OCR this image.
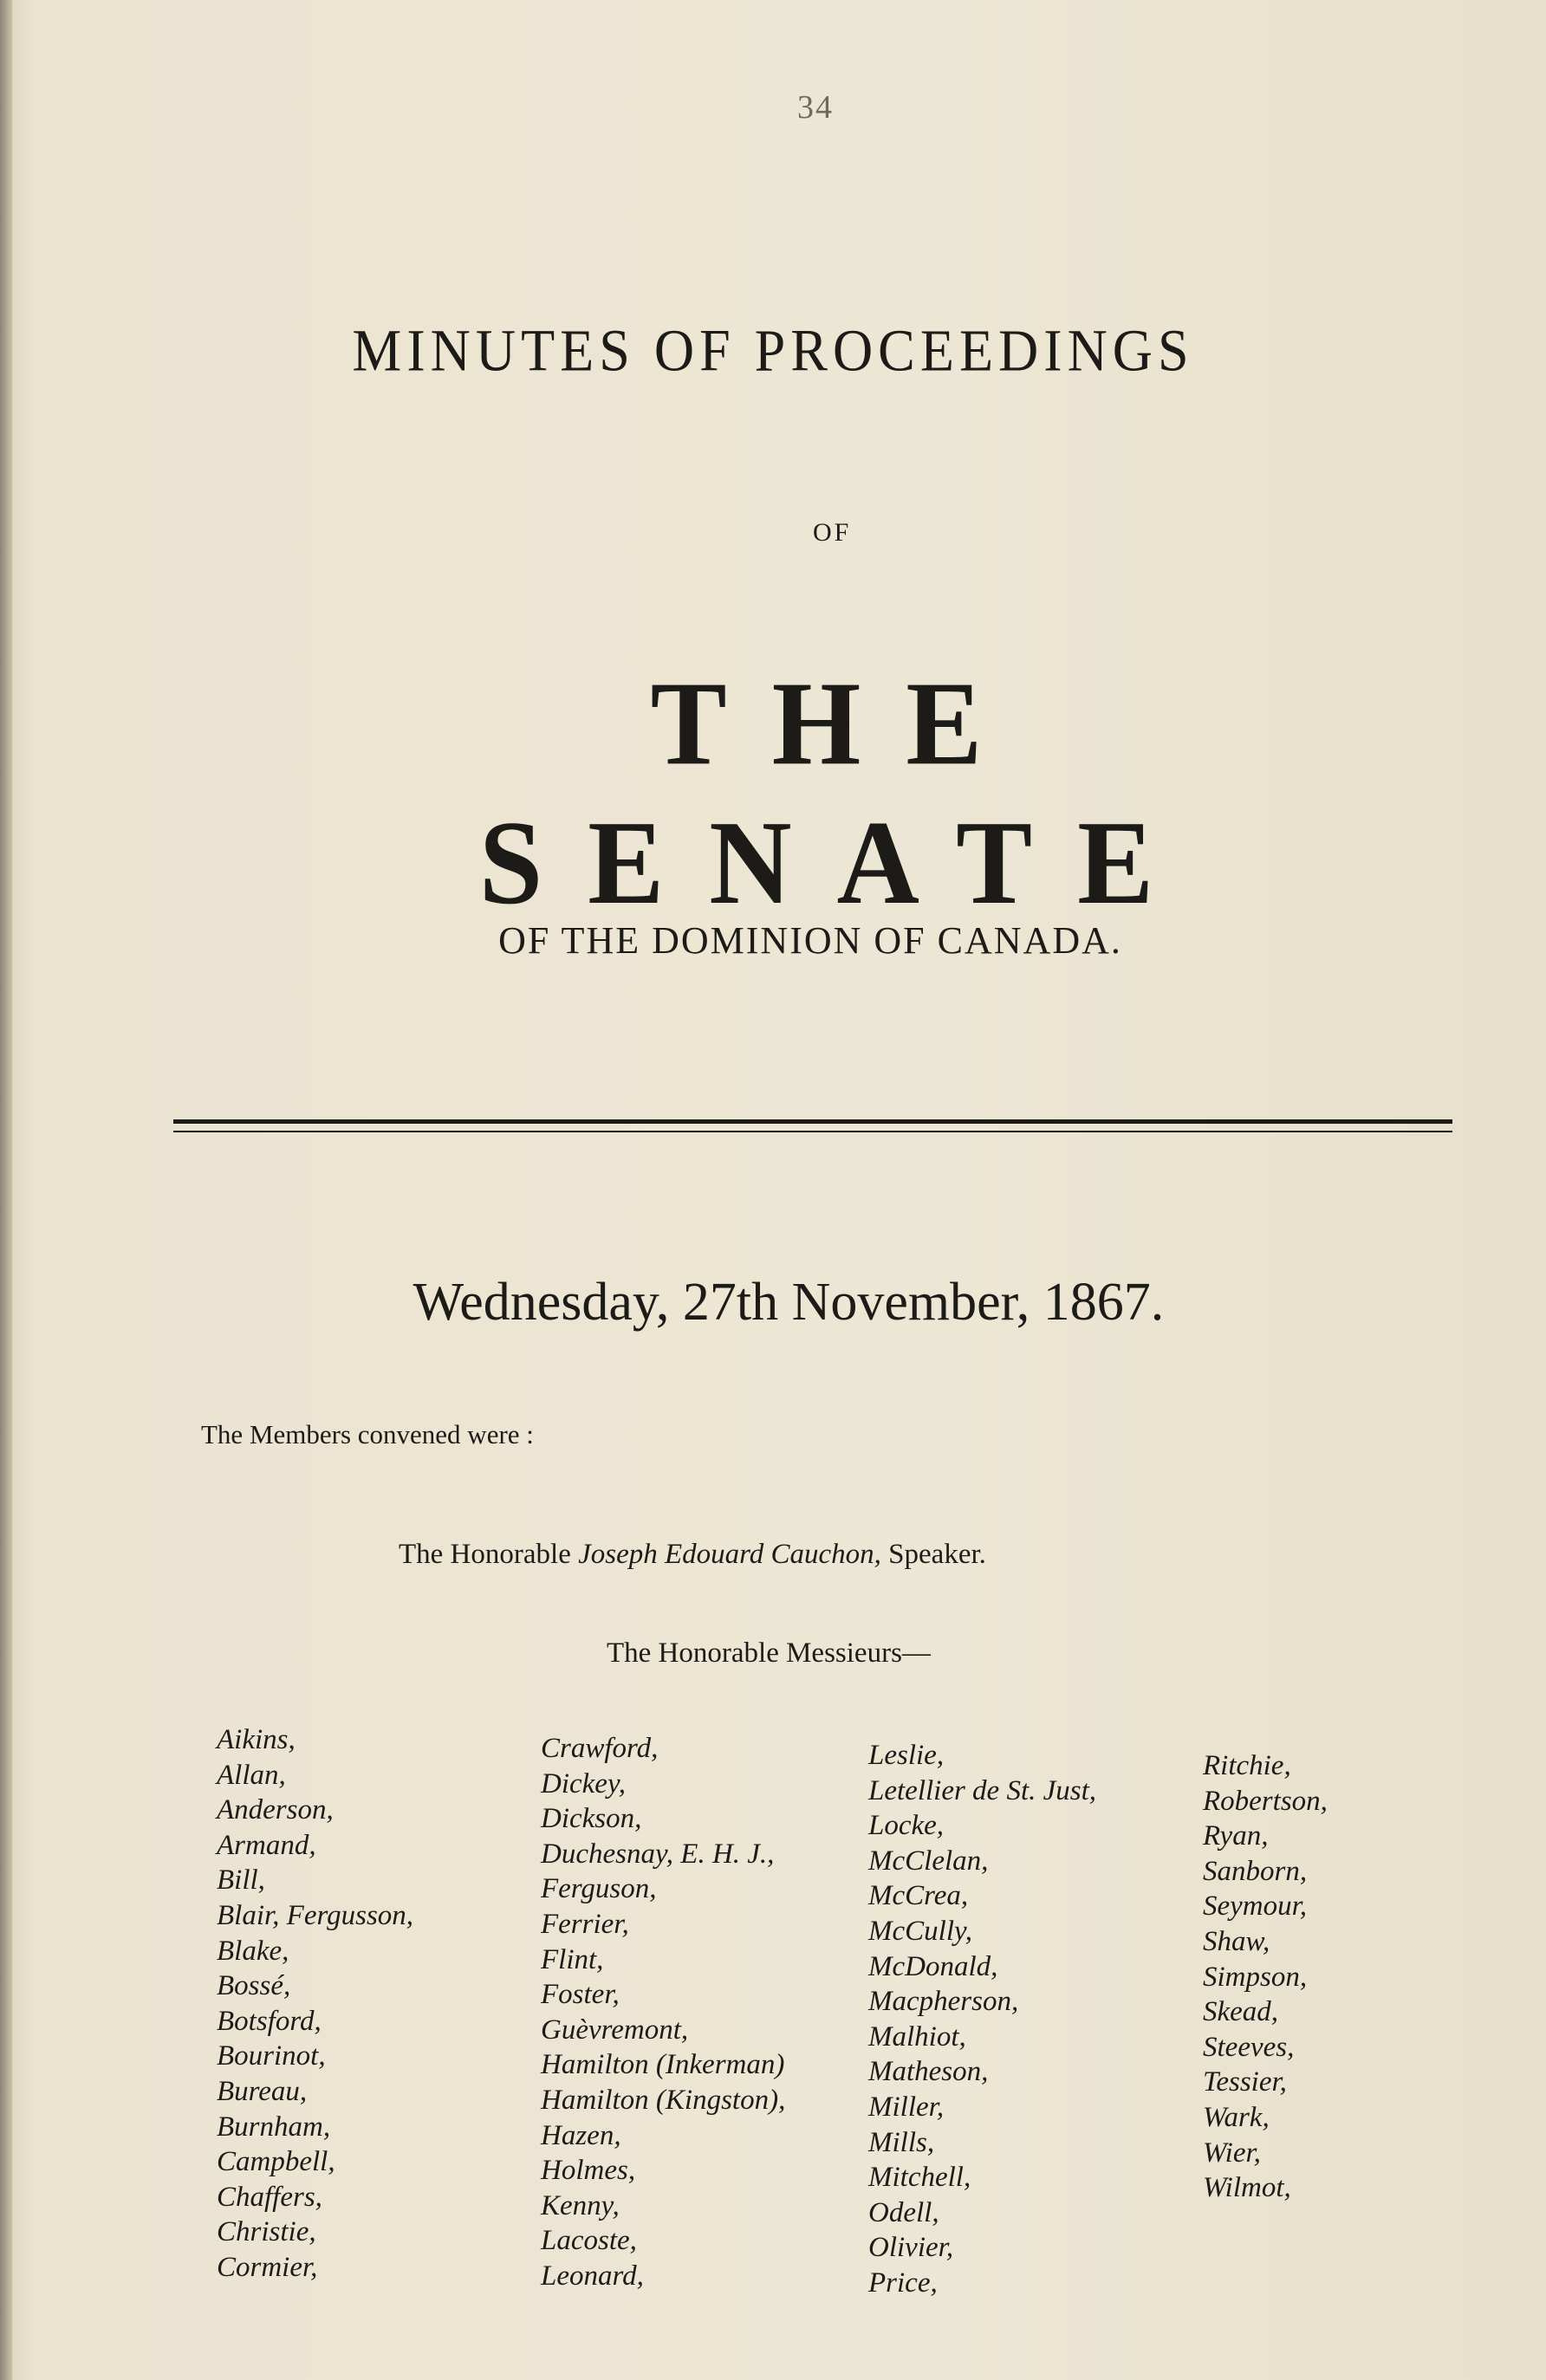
34
MINUTES OF PROCEEDINGS
OF
THE SENATE
OF THE DOMINION OF CANADA.
Wednesday, 27th November, 1867.
The Members convened were :
The Honorable Joseph Edouard Cauchon, Speaker.
The Honorable Messieurs—
Aikins,
Allan,
Anderson,
Armand,
Bill,
Blair, Fergusson,
Blake,
Bossé,
Botsford,
Bourinot,
Bureau,
Burnham,
Campbell,
Chaffers,
Christie,
Cormier,
Crawford,
Dickey,
Dickson,
Duchesnay, E. H. J.,
Ferguson,
Ferrier,
Flint,
Foster,
Guèvremont,
Hamilton (Inkerman)
Hamilton (Kingston),
Hazen,
Holmes,
Kenny,
Lacoste,
Leonard,
Leslie,
Letellier de St. Just,
Locke,
McClelan,
McCrea,
McCully,
McDonald,
Macpherson,
Malhiot,
Matheson,
Miller,
Mills,
Mitchell,
Odell,
Olivier,
Price,
Ritchie,
Robertson,
Ryan,
Sanborn,
Seymour,
Shaw,
Simpson,
Skead,
Steeves,
Tessier,
Wark,
Wier,
Wilmot,
